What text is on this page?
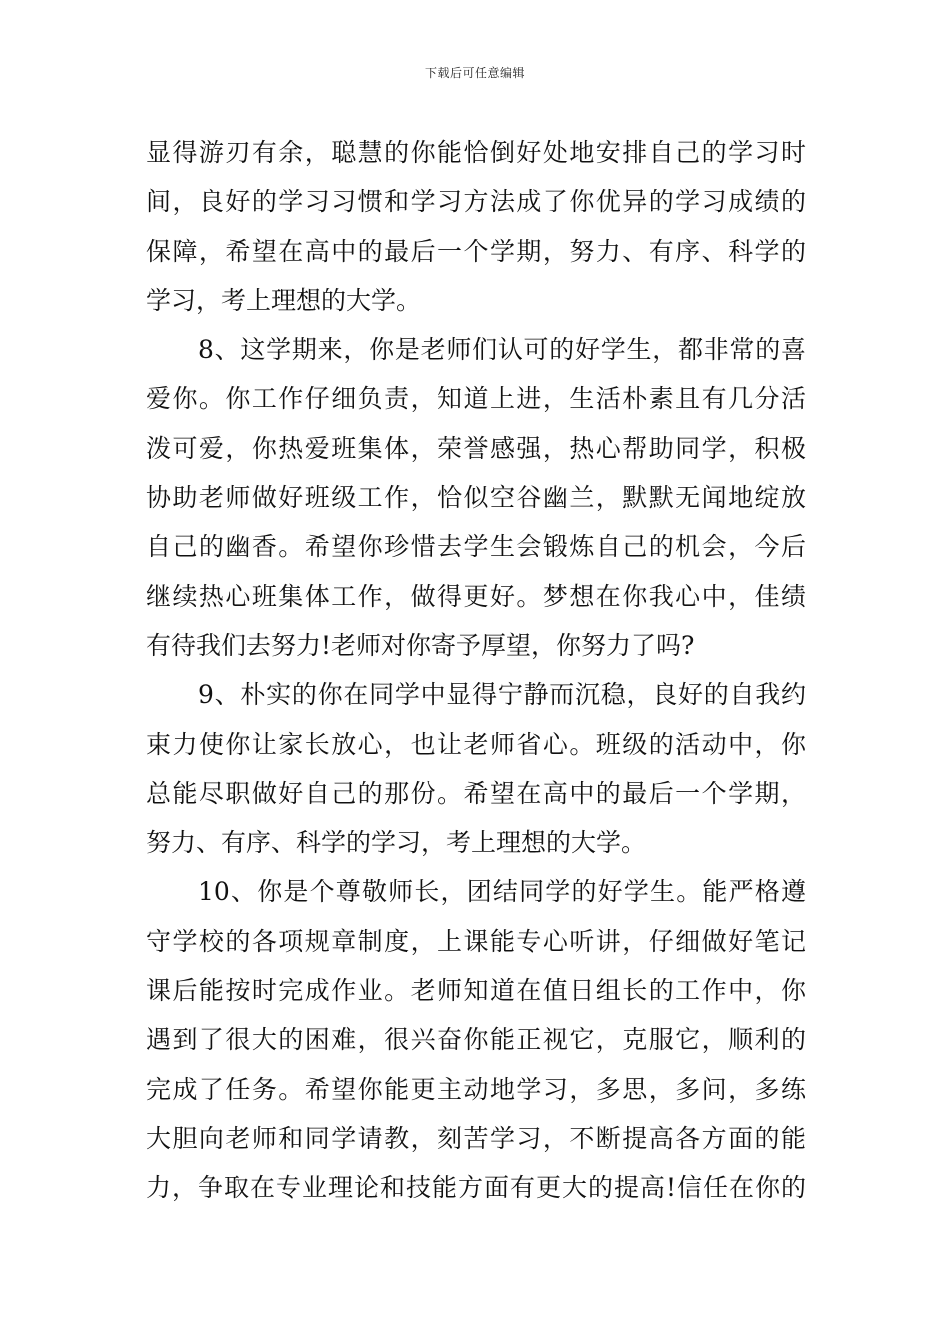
下载后可任意编辑
显得游刃有余，聪慧的你能恰倒好处地安排自己的学习时
间，良好的学习习惯和学习方法成了你优异的学习成绩的
保障，希望在高中的最后一个学期，努力、有序、科学的
学习，考上理想的大学。
8、这学期来，你是老师们认可的好学生，都非常的喜
爱你。你工作仔细负责，知道上进，生活朴素且有几分活
泼可爱，你热爱班集体，荣誉感强，热心帮助同学，积极
协助老师做好班级工作，恰似空谷幽兰，默默无闻地绽放
自己的幽香。希望你珍惜去学生会锻炼自己的机会，今后
继续热心班集体工作，做得更好。梦想在你我心中，佳绩
有待我们去努力!老师对你寄予厚望，你努力了吗?
9、朴实的你在同学中显得宁静而沉稳，良好的自我约
束力使你让家长放心，也让老师省心。班级的活动中，你
总能尽职做好自己的那份。希望在高中的最后一个学期，
努力、有序、科学的学习，考上理想的大学。
10、你是个尊敬师长，团结同学的好学生。能严格遵
守学校的各项规章制度，上课能专心听讲，仔细做好笔记
课后能按时完成作业。老师知道在值日组长的工作中，你
遇到了很大的困难，很兴奋你能正视它，克服它，顺利的
完成了任务。希望你能更主动地学习，多思，多问，多练
大胆向老师和同学请教，刻苦学习，不断提高各方面的能
力，争取在专业理论和技能方面有更大的提高!信任在你的
